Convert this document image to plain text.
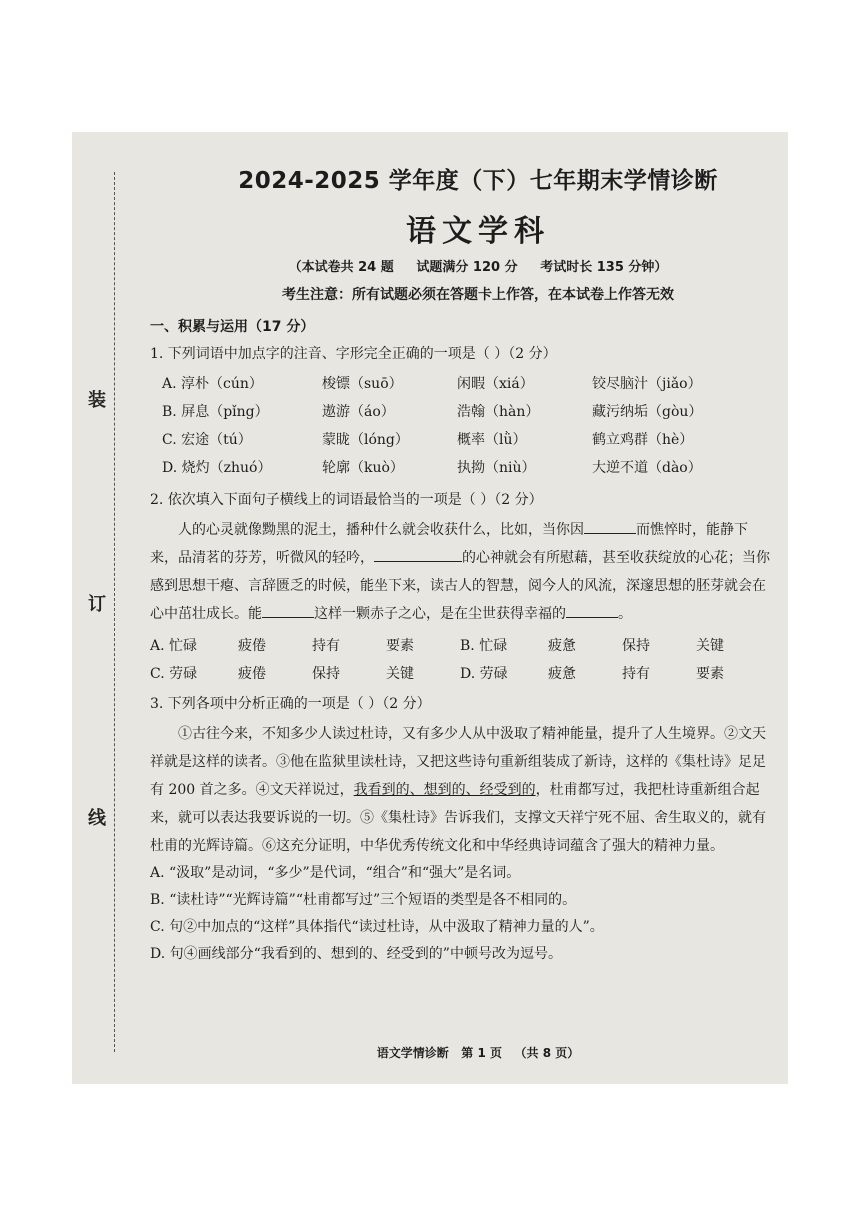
装
订
线
2024-2025 学年度（下）七年期末学情诊断
语文学科
（本试卷共 24 题     试题满分 120 分     考试时长 135 分钟）
考生注意：所有试题必须在答题卡上作答，在本试卷上作答无效
一、积累与运用（17 分）
1. 下列词语中加点字的注音、字形完全正确的一项是（ ）（2 分）
A. 淳朴（cún）	梭镖（suō）	闲暇（xiá）	铰尽脑汁（jiǎo）
B. 屏息（pǐng）	遨游（áo）	浩翰（hàn）	藏污纳垢（gòu）
C. 宏途（tú）	蒙眬（lóng）	概率（lǜ）	鹤立鸡群（hè）
D. 烧灼（zhuó）	轮廓（kuò）	执拗（niù）	大逆不道（dào）
2. 依次填入下面句子横线上的词语最恰当的一项是（ ）（2 分）

人的心灵就像黝黑的泥土，播种什么就会收获什么，比如，当你因	而憔悴时，能静下来，品清茗的芬芳，听微风的轻吟，	的心神就会有所慰藉，甚至收获绽放的心花；当你感到思想干瘪、言辞匮乏的时候，能坐下来，读古人的智慧，阅今人的风流，深邃思想的胚芽就会在心中茁壮成长。能	这样一颗赤子之心，是在尘世获得幸福的	。

A. 忙碌	疲倦	持有	要素	B. 忙碌	疲惫	保持	关键
C. 劳碌	疲倦	保持	关键	D. 劳碌	疲惫	持有	要素
3. 下列各项中分析正确的一项是（ ）（2 分）

①古往今来，不知多少人读过杜诗，又有多少人从中汲取了精神能量，提升了人生境界。②文天祥就是这样的读者。③他在监狱里读杜诗，又把这些诗句重新组装成了新诗，这样的《集杜诗》足足有 200 首之多。④文天祥说过，我看到的、想到的、经受到的，杜甫都写过，我把杜诗重新组合起来，就可以表达我要诉说的一切。⑤《集杜诗》告诉我们，支撑文天祥宁死不屈、舍生取义的，就有杜甫的光辉诗篇。⑥这充分证明，中华优秀传统文化和中华经典诗词蕴含了强大的精神力量。

A. “汲取”是动词，“多少”是代词，“组合”和“强大”是名词。

B. “读杜诗”“光辉诗篇”“杜甫都写过”三个短语的类型是各不相同的。

C. 句②中加点的“这样”具体指代“读过杜诗，从中汲取了精神力量的人”。

D. 句④画线部分“我看到的、想到的、经受到的”中顿号改为逗号。

语文学情诊断   第 1 页   （共 8 页）
